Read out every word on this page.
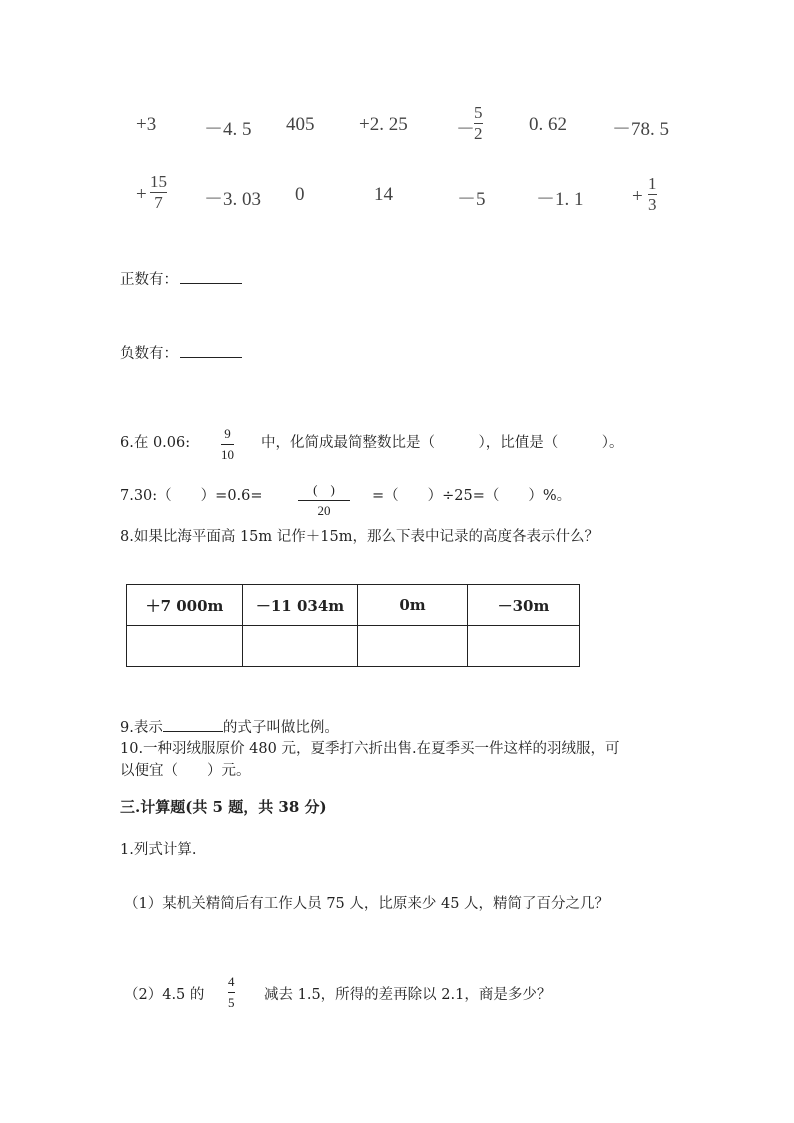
+3	－4. 5 405 +2. 25	－
5
2 0. 62 －78. 5
+
15
7 －3. 03 0	14	－5	－1. 1	+
1
3
正数有：
负数有：
6.在 0.06:
9
10
中，化简成最简整数比是（　　　），比值是（　　　）。
7.30:（　　）=0.6=	(　)
20
=（　　）÷25=（　　）%。
8.如果比海平面高 15m 记作＋15m，那么下表中记录的高度各表示什么？
＋7 000m	－11 034m	0m	－30m

9.表示	的式子叫做比例。
10.一种羽绒服原价 480 元，夏季打六折出售.在夏季买一件这样的羽绒服，可
以便宜（　　）元。
三.计算题(共 5 题，共 38 分)
1.列式计算.
（1）某机关精简后有工作人员 75 人，比原来少 45 人，精简了百分之几？
（2）4.5 的
4
5 减去 1.5，所得的差再除以 2.1，商是多少？
